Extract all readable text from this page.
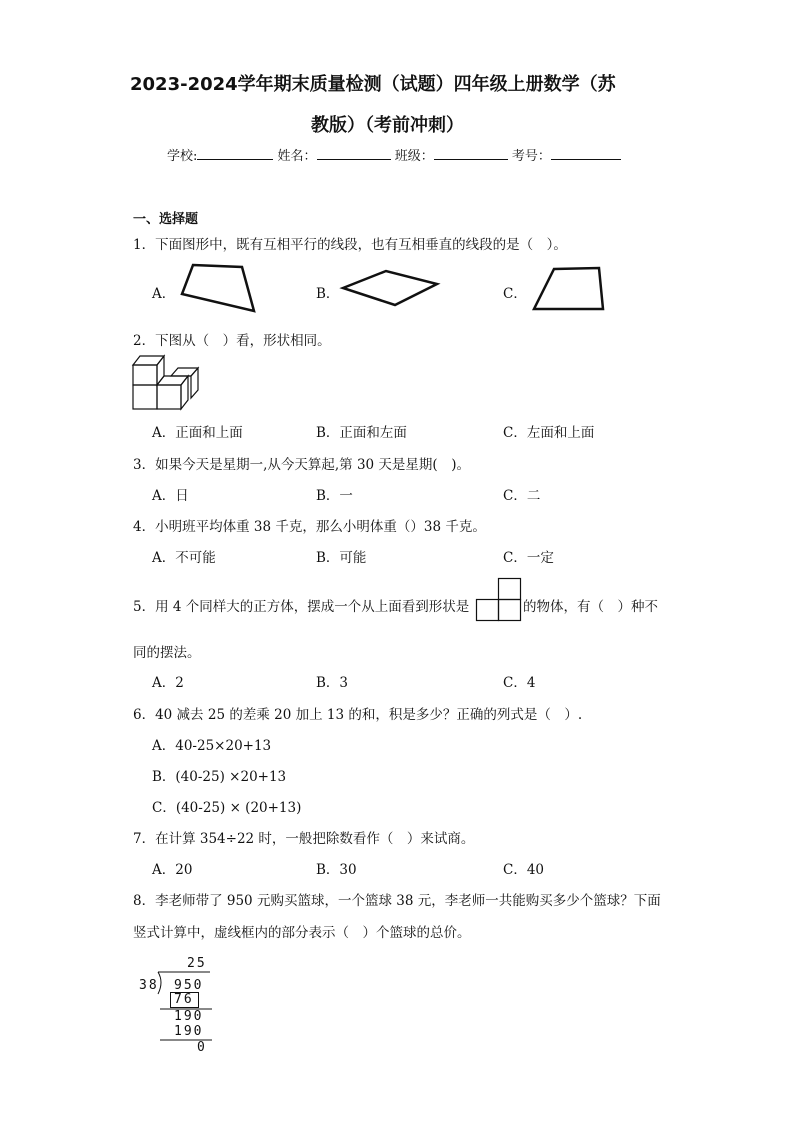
2023-2024学年期末质量检测（试题）四年级上册数学（苏
教版）（考前冲刺）
学校:	姓名：	班级：	考号：
一、选择题
1．下面图形中，既有互相平行的线段，也有互相垂直的线段的是（　）。
A．	B．	C．
2．下图从（　）看，形状相同。
A．正面和上面	B．正面和左面	C．左面和上面
3．如果今天是星期一,从今天算起,第 30 天是星期(　)。
A．日	B．一	C．二
4．小明班平均体重 38 千克，那么小明体重（）38 千克。
A．不可能	B．可能	C．一定
5．用 4 个同样大的正方体，摆成一个从上面看到形状是	的物体，有（　）种不
同的摆法。
A．2	B．3	C．4
6．40 减去 25 的差乘 20 加上 13 的和，积是多少？正确的列式是（　）.
A．40-25×20+13
B．(40-25) ×20+13
C．(40-25) × (20+13)
7．在计算 354÷22 时，一般把除数看作（　）来试商。
A．20	B．30	C．40
8．李老师带了 950 元购买篮球，一个篮球 38 元，李老师一共能购买多少个篮球？下面
竖式计算中，虚线框内的部分表示（　）个篮球的总价。
25
38 950
76
190
190
0
